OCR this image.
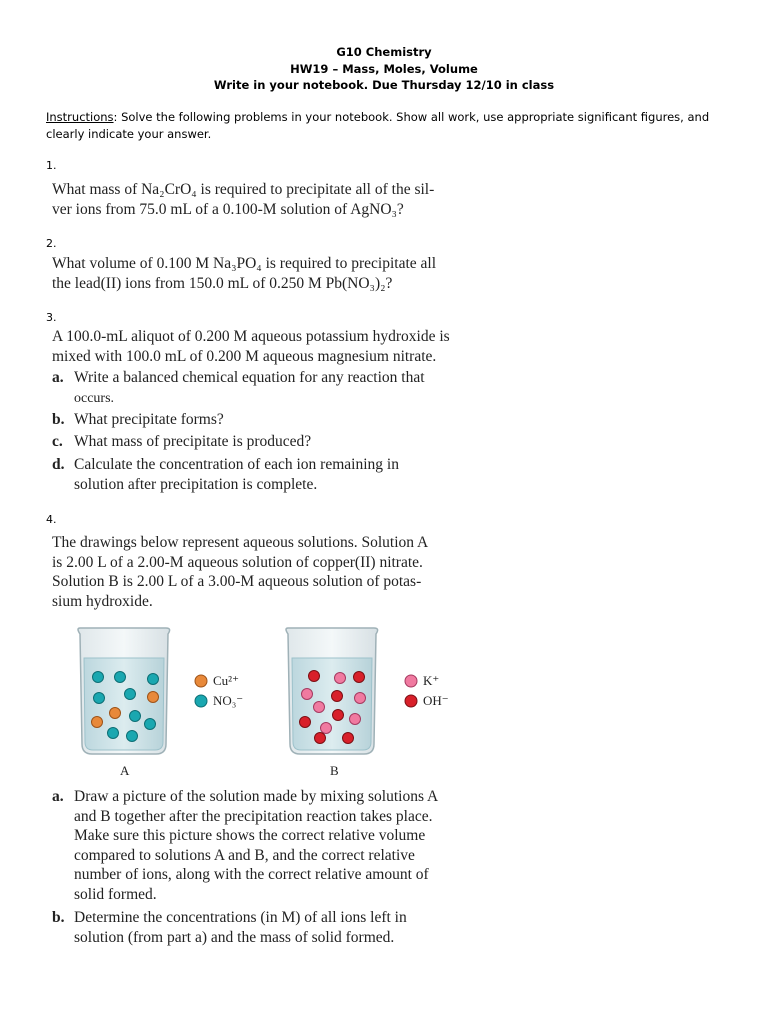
G10 Chemistry
HW19 – Mass, Moles, Volume
Write in your notebook. Due Thursday 12/10 in class
Instructions: Solve the following problems in your notebook. Show all work, use appropriate significant figures, and clearly indicate your answer.
1.
What mass of Na₂CrO₄ is required to precipitate all of the sil-
ver ions from 75.0 mL of a 0.100-M solution of AgNO₃?
2.
What volume of 0.100 M Na₃PO₄ is required to precipitate all
the lead(II) ions from 150.0 mL of 0.250 M Pb(NO₃)₂?
3.
A 100.0-mL aliquot of 0.200 M aqueous potassium hydroxide is
mixed with 100.0 mL of 0.200 M aqueous magnesium nitrate.
a. Write a balanced chemical equation for any reaction that
occurs.
b. What precipitate forms?
c. What mass of precipitate is produced?
d. Calculate the concentration of each ion remaining in
solution after precipitation is complete.
4.
The drawings below represent aqueous solutions. Solution A
is 2.00 L of a 2.00-M aqueous solution of copper(II) nitrate.
Solution B is 2.00 L of a 3.00-M aqueous solution of potas-
sium hydroxide.
Cu²⁺
NO₃⁻
K⁺
OH⁻
A	B
a. Draw a picture of the solution made by mixing solutions A
and B together after the precipitation reaction takes place.
Make sure this picture shows the correct relative volume
compared to solutions A and B, and the correct relative
number of ions, along with the correct relative amount of
solid formed.
b. Determine the concentrations (in M) of all ions left in
solution (from part a) and the mass of solid formed.
